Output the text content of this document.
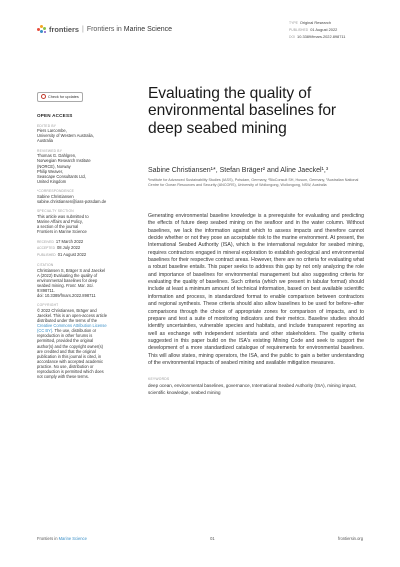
frontiers | Frontiers in Marine Science
TYPE Original Research
PUBLISHED 01 August 2022
DOI 10.3389/fmars.2022.898711
Check for updates
OPEN ACCESS
EDITED BY
Piers Larcombe,
University of Western Australia,
Australia
REVIEWED BY
Thomas G. Dahlgren,
Norwegian Research Institute
(NORCE), Norway
Philip Weaver,
Seascape Consultants Ltd,
United Kingdom
*CORRESPONDENCE
Sabine Christiansen
sabine.christiansen@iass-potsdam.de
SPECIALTY SECTION
This article was submitted to
Marine Affairs and Policy,
a section of the journal
Frontiers in Marine Science
RECEIVED 17 March 2022
ACCEPTED 08 July 2022
PUBLISHED 01 August 2022
CITATION
Christiansen S, Bräger S and Jaeckel A (2022) Evaluating the quality of environmental baselines for deep seabed mining. Front. Mar. Sci. 9:898711.
doi: 10.3389/fmars.2022.898711
COPYRIGHT
© 2022 Christiansen, Bräger and Jaeckel. This is an open-access article distributed under the terms of the Creative Commons Attribution License (CC BY). The use, distribution or reproduction in other forums is permitted, provided the original author(s) and the copyright owner(s) are credited and that the original publication in this journal is cited, in accordance with accepted academic practice. No use, distribution or reproduction is permitted which does not comply with these terms.
Evaluating the quality of environmental baselines for deep seabed mining
Sabine Christiansen¹*, Stefan Bräger² and Aline Jaeckel¹,³
¹Institute for Advanced Sustainability Studies (IASS), Potsdam, Germany, ²BioConsult SH, Husum, Germany, ³Australian National Centre for Ocean Resources and Security (ANCORS), University of Wollongong, Wollongong, NSW, Australia

Generating environmental baseline knowledge is a prerequisite for evaluating and predicting the effects of future deep seabed mining on the seafloor and in the water column. Without baselines, we lack the information against which to assess impacts and therefore cannot decide whether or not they pose an acceptable risk to the marine environment. At present, the International Seabed Authority (ISA), which is the international regulator for seabed mining, requires contractors engaged in mineral exploration to establish geological and environmental baselines for their respective contract areas. However, there are no criteria for evaluating what a robust baseline entails. This paper seeks to address this gap by not only analyzing the role and importance of baselines for environmental management but also suggesting criteria for evaluating the quality of baselines. Such criteria (which we present in tabular format) should include at least a minimum amount of technical information, based on best available scientific information and process, in standardized format to enable comparison between contractors and regional synthesis. These criteria should also allow baselines to be used for before–after comparisons through the choice of appropriate zones for comparison of impacts, and to prepare and test a suite of monitoring indicators and their metrics. Baseline studies should identify uncertainties, vulnerable species and habitats, and include transparent reporting as well as exchange with independent scientists and other stakeholders. The quality criteria suggested in this paper build on the ISA's existing Mining Code and seek to support the development of a more standardized catalogue of requirements for environmental baselines. This will allow states, mining operators, the ISA, and the public to gain a better understanding of the environmental impacts of seabed mining and available mitigation measures.

KEYWORDS
deep ocean, environmental baselines, governance, International Seabed Authority (ISA), mining impact, scientific knowledge, seabed mining
Frontiers in Marine Science	01	frontiersin.org
